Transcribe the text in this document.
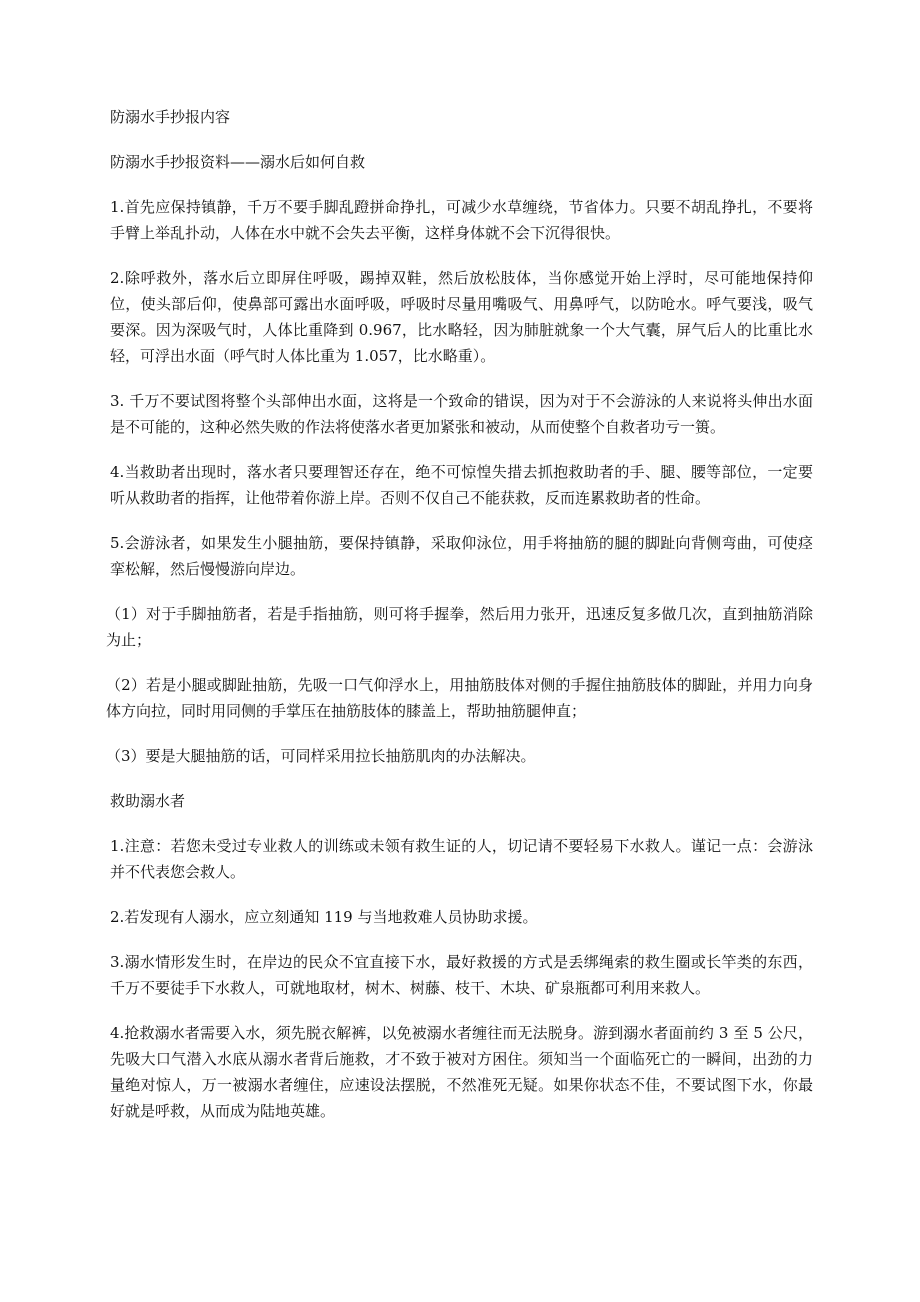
防溺水手抄报内容

防溺水手抄报资料——溺水后如何自救

1.首先应保持镇静，千万不要手脚乱蹬拼命挣扎，可减少水草缠绕，节省体力。只要不胡乱挣扎，不要将手臂上举乱扑动，人体在水中就不会失去平衡，这样身体就不会下沉得很快。

2.除呼救外，落水后立即屏住呼吸，踢掉双鞋，然后放松肢体，当你感觉开始上浮时，尽可能地保持仰位，使头部后仰，使鼻部可露出水面呼吸，呼吸时尽量用嘴吸气、用鼻呼气，以防呛水。呼气要浅，吸气要深。因为深吸气时，人体比重降到 0.967，比水略轻，因为肺脏就象一个大气囊，屏气后人的比重比水轻，可浮出水面（呼气时人体比重为 1.057，比水略重）。

3. 千万不要试图将整个头部伸出水面，这将是一个致命的错误，因为对于不会游泳的人来说将头伸出水面是不可能的，这种必然失败的作法将使落水者更加紧张和被动，从而使整个自救者功亏一篑。

4.当救助者出现时，落水者只要理智还存在，绝不可惊惶失措去抓抱救助者的手、腿、腰等部位，一定要听从救助者的指挥，让他带着你游上岸。否则不仅自己不能获救，反而连累救助者的性命。

5.会游泳者，如果发生小腿抽筋，要保持镇静，采取仰泳位，用手将抽筋的腿的脚趾向背侧弯曲，可使痉挛松解，然后慢慢游向岸边。

（1）对于手脚抽筋者，若是手指抽筋，则可将手握拳，然后用力张开，迅速反复多做几次，直到抽筋消除为止；

（2）若是小腿或脚趾抽筋，先吸一口气仰浮水上，用抽筋肢体对侧的手握住抽筋肢体的脚趾，并用力向身体方向拉，同时用同侧的手掌压在抽筋肢体的膝盖上，帮助抽筋腿伸直；

（3）要是大腿抽筋的话，可同样采用拉长抽筋肌肉的办法解决。

救助溺水者

1.注意：若您未受过专业救人的训练或未领有救生证的人，切记请不要轻易下水救人。谨记一点：会游泳并不代表您会救人。

2.若发现有人溺水，应立刻通知 119 与当地救难人员协助求援。

3.溺水情形发生时，在岸边的民众不宜直接下水，最好救援的方式是丢绑绳索的救生圈或长竿类的东西，千万不要徒手下水救人，可就地取材，树木、树藤、枝干、木块、矿泉瓶都可利用来救人。

4.抢救溺水者需要入水，须先脱衣解裤，以免被溺水者缠往而无法脱身。游到溺水者面前约 3 至 5 公尺，先吸大口气潜入水底从溺水者背后施救，才不致于被对方困住。须知当一个面临死亡的一瞬间，出劲的力量绝对惊人，万一被溺水者缠住，应速设法摆脱，不然准死无疑。如果你状态不佳，不要试图下水，你最好就是呼救，从而成为陆地英雄。
